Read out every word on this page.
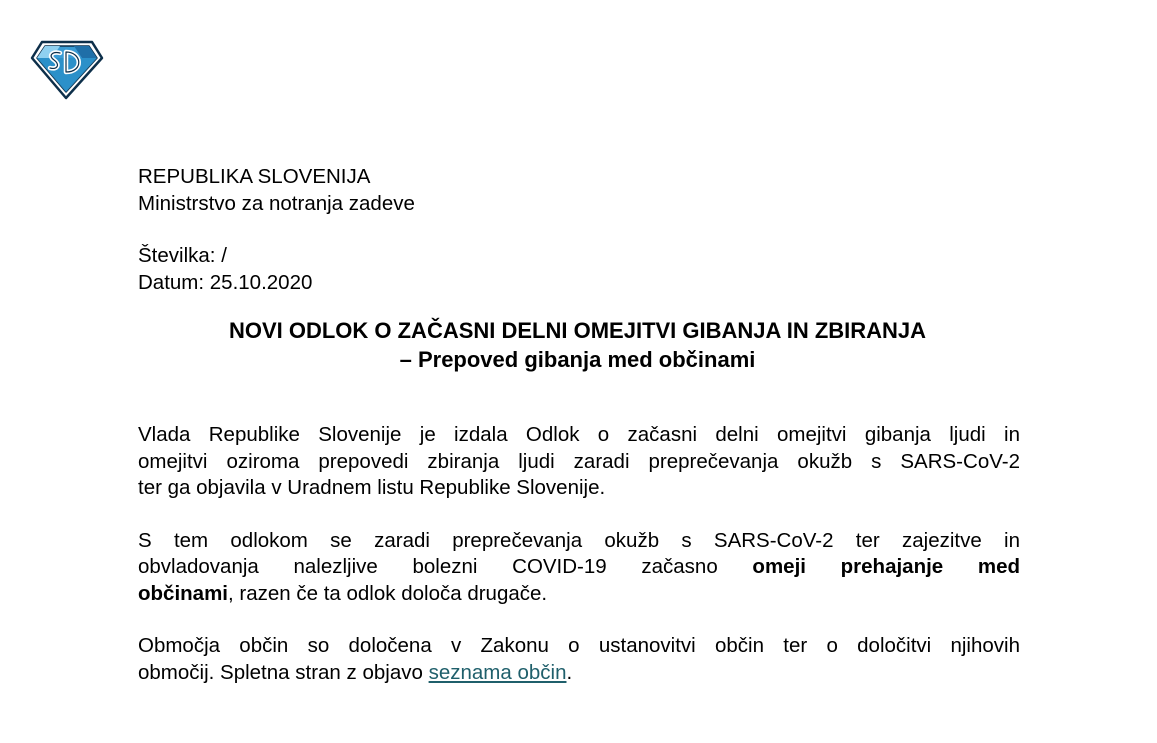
REPUBLIKA SLOVENIJA
Ministrstvo za notranja zadeve
Številka: /
Datum: 25.10.2020
NOVI ODLOK O ZAČASNI DELNI OMEJITVI GIBANJA IN ZBIRANJA
– Prepoved gibanja med občinami
Vlada Republike Slovenije je izdala Odlok o začasni delni omejitvi gibanja ljudi in
omejitvi oziroma prepovedi zbiranja ljudi zaradi preprečevanja okužb s SARS-CoV-2
ter ga objavila v Uradnem listu Republike Slovenije.
S tem odlokom se zaradi preprečevanja okužb s SARS-CoV-2 ter zajezitve in
obvladovanja nalezljive bolezni COVID-19 začasno omeji prehajanje med
občinami, razen če ta odlok določa drugače.
Območja občin so določena v Zakonu o ustanovitvi občin ter o določitvi njihovih
območij. Spletna stran z objavo seznama občin.
